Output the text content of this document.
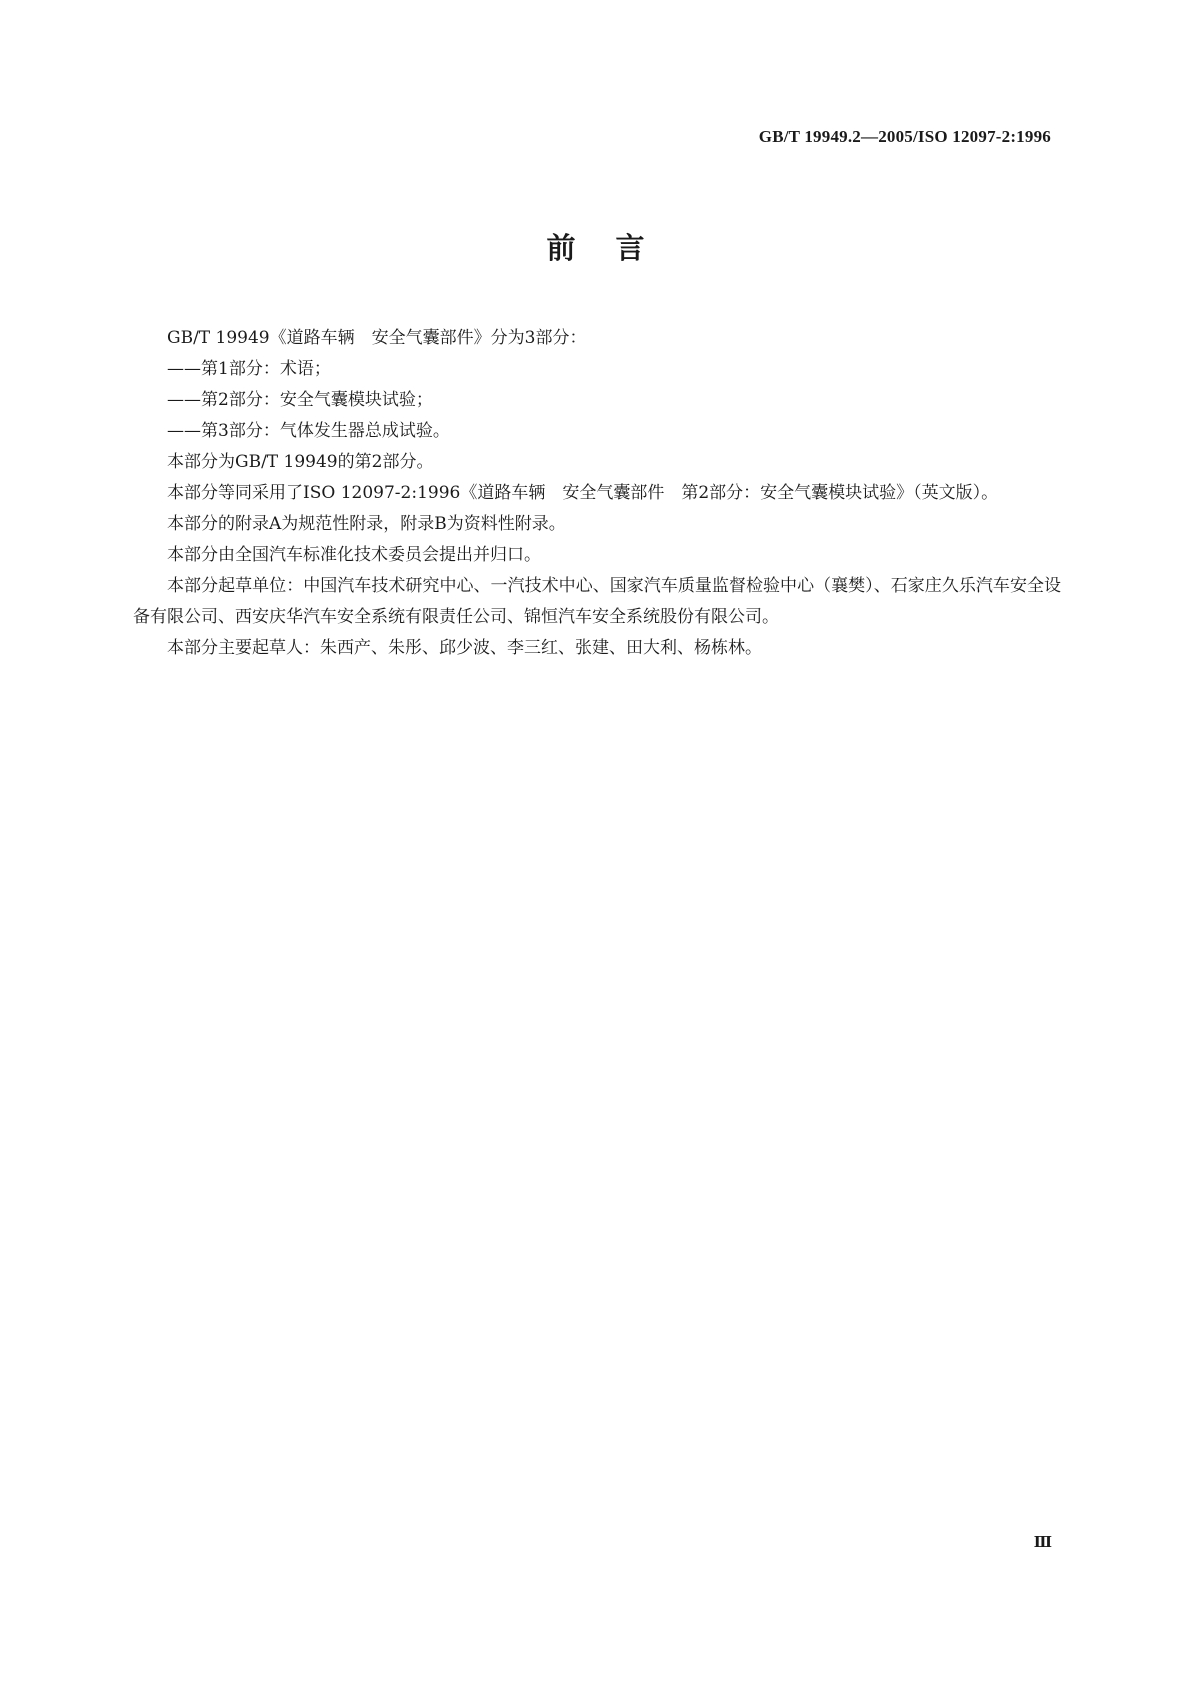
GB/T 19949.2—2005/ISO 12097-2:1996
前言

GB/T 19949《道路车辆　安全气囊部件》分为3部分：

——第1部分：术语；

——第2部分：安全气囊模块试验；

——第3部分：气体发生器总成试验。

本部分为GB/T 19949的第2部分。

本部分等同采用了ISO 12097-2:1996《道路车辆　安全气囊部件　第2部分：安全气囊模块试验》（英文版）。

本部分的附录A为规范性附录，附录B为资料性附录。

本部分由全国汽车标准化技术委员会提出并归口。

本部分起草单位：中国汽车技术研究中心、一汽技术中心、国家汽车质量监督检验中心（襄樊）、石家庄久乐汽车安全设备有限公司、西安庆华汽车安全系统有限责任公司、锦恒汽车安全系统股份有限公司。

本部分主要起草人：朱西产、朱彤、邱少波、李三红、张建、田大利、杨栋林。

Ⅲ
